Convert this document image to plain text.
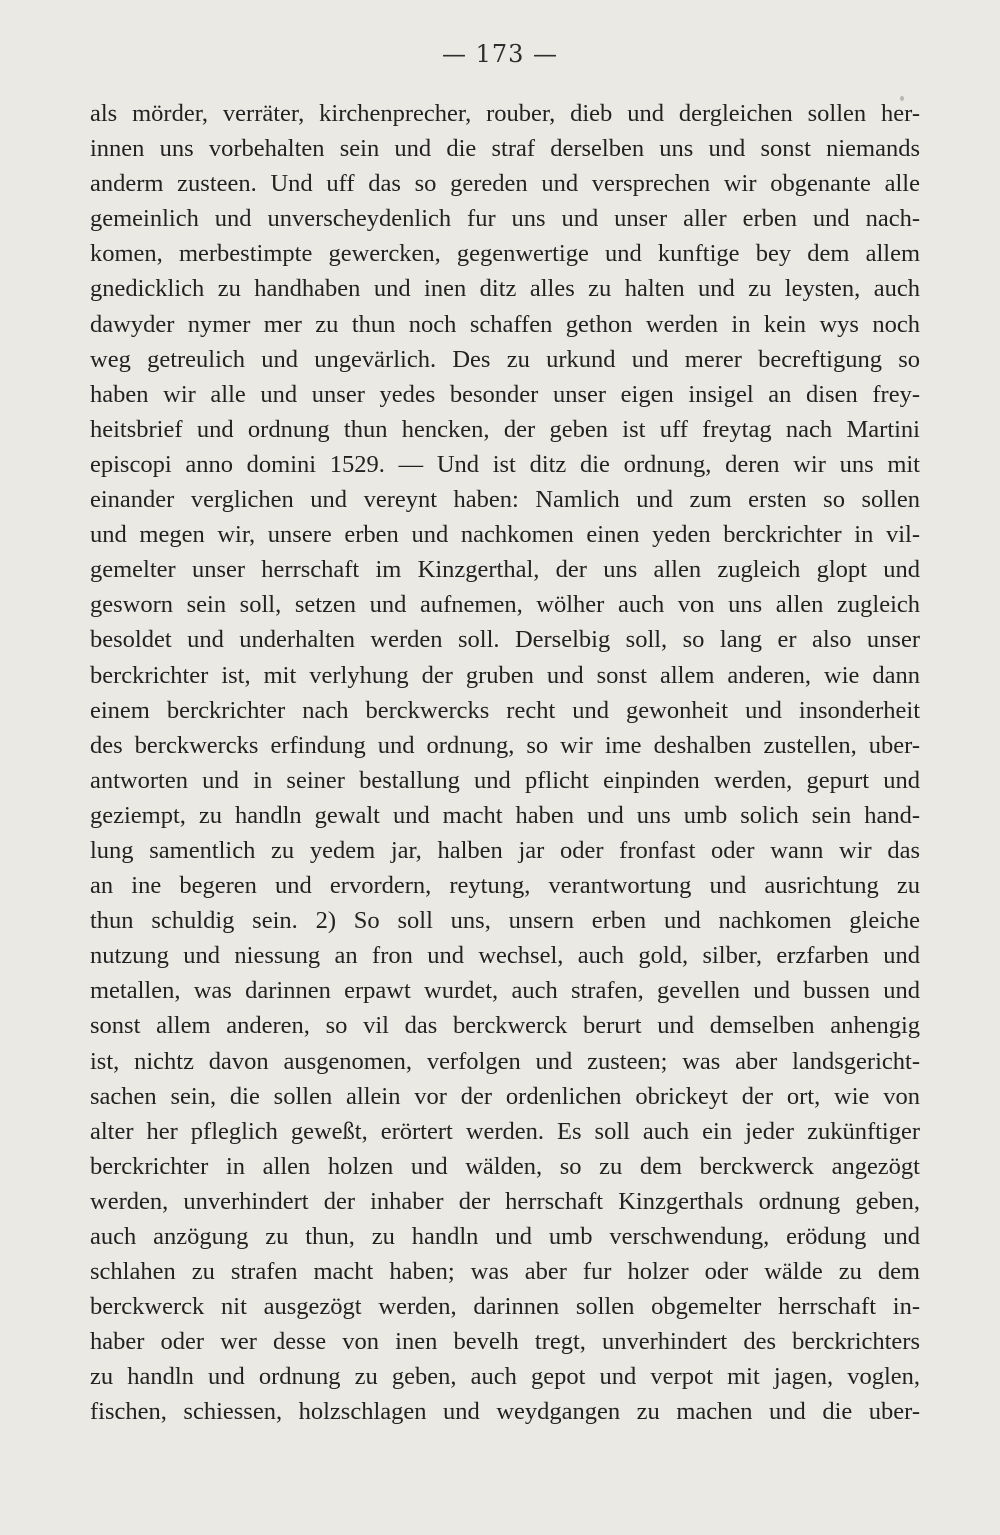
— 173 —
als mörder, verräter, kirchenprecher, rouber, dieb und dergleichen sollen her-
innen uns vorbehalten sein und die straf derselben uns und sonst niemands
anderm zusteen. Und uff das so gereden und versprechen wir obgenante alle
gemeinlich und unverscheydenlich fur uns und unser aller erben und nach-
komen, merbestimpte gewercken, gegenwertige und kunftige bey dem allem
gnedicklich zu handhaben und inen ditz alles zu halten und zu leysten, auch
dawyder nymer mer zu thun noch schaffen gethon werden in kein wys noch
weg getreulich und ungevärlich. Des zu urkund und merer becreftigung so
haben wir alle und unser yedes besonder unser eigen insigel an disen frey-
heitsbrief und ordnung thun hencken, der geben ist uff freytag nach Martini
episcopi anno domini 1529. — Und ist ditz die ordnung, deren wir uns mit
einander verglichen und vereynt haben: Namlich und zum ersten so sollen
und megen wir, unsere erben und nachkomen einen yeden berckrichter in vil-
gemelter unser herrschaft im Kinzgerthal, der uns allen zugleich glopt und
gesworn sein soll, setzen und aufnemen, wölher auch von uns allen zugleich
besoldet und underhalten werden soll. Derselbig soll, so lang er also unser
berckrichter ist, mit verlyhung der gruben und sonst allem anderen, wie dann
einem berckrichter nach berckwercks recht und gewonheit und insonderheit
des berckwercks erfindung und ordnung, so wir ime deshalben zustellen, uber-
antworten und in seiner bestallung und pflicht einpinden werden, gepurt und
geziempt, zu handln gewalt und macht haben und uns umb solich sein hand-
lung samentlich zu yedem jar, halben jar oder fronfast oder wann wir das
an ine begeren und ervordern, reytung, verantwortung und ausrichtung zu
thun schuldig sein. 2) So soll uns, unsern erben und nachkomen gleiche
nutzung und niessung an fron und wechsel, auch gold, silber, erzfarben und
metallen, was darinnen erpawt wurdet, auch strafen, gevellen und bussen und
sonst allem anderen, so vil das berckwerck berurt und demselben anhengig
ist, nichtz davon ausgenomen, verfolgen und zusteen; was aber landsgericht-
sachen sein, die sollen allein vor der ordenlichen obrickeyt der ort, wie von
alter her pfleglich geweßt, erörtert werden. Es soll auch ein jeder zukünftiger
berckrichter in allen holzen und wälden, so zu dem berckwerck angezögt
werden, unverhindert der inhaber der herrschaft Kinzgerthals ordnung geben,
auch anzögung zu thun, zu handln und umb verschwendung, erödung und
schlahen zu strafen macht haben; was aber fur holzer oder wälde zu dem
berckwerck nit ausgezögt werden, darinnen sollen obgemelter herrschaft in-
haber oder wer desse von inen bevelh tregt, unverhindert des berckrichters
zu handln und ordnung zu geben, auch gepot und verpot mit jagen, voglen,
fischen, schiessen, holzschlagen und weydgangen zu machen und die uber-
